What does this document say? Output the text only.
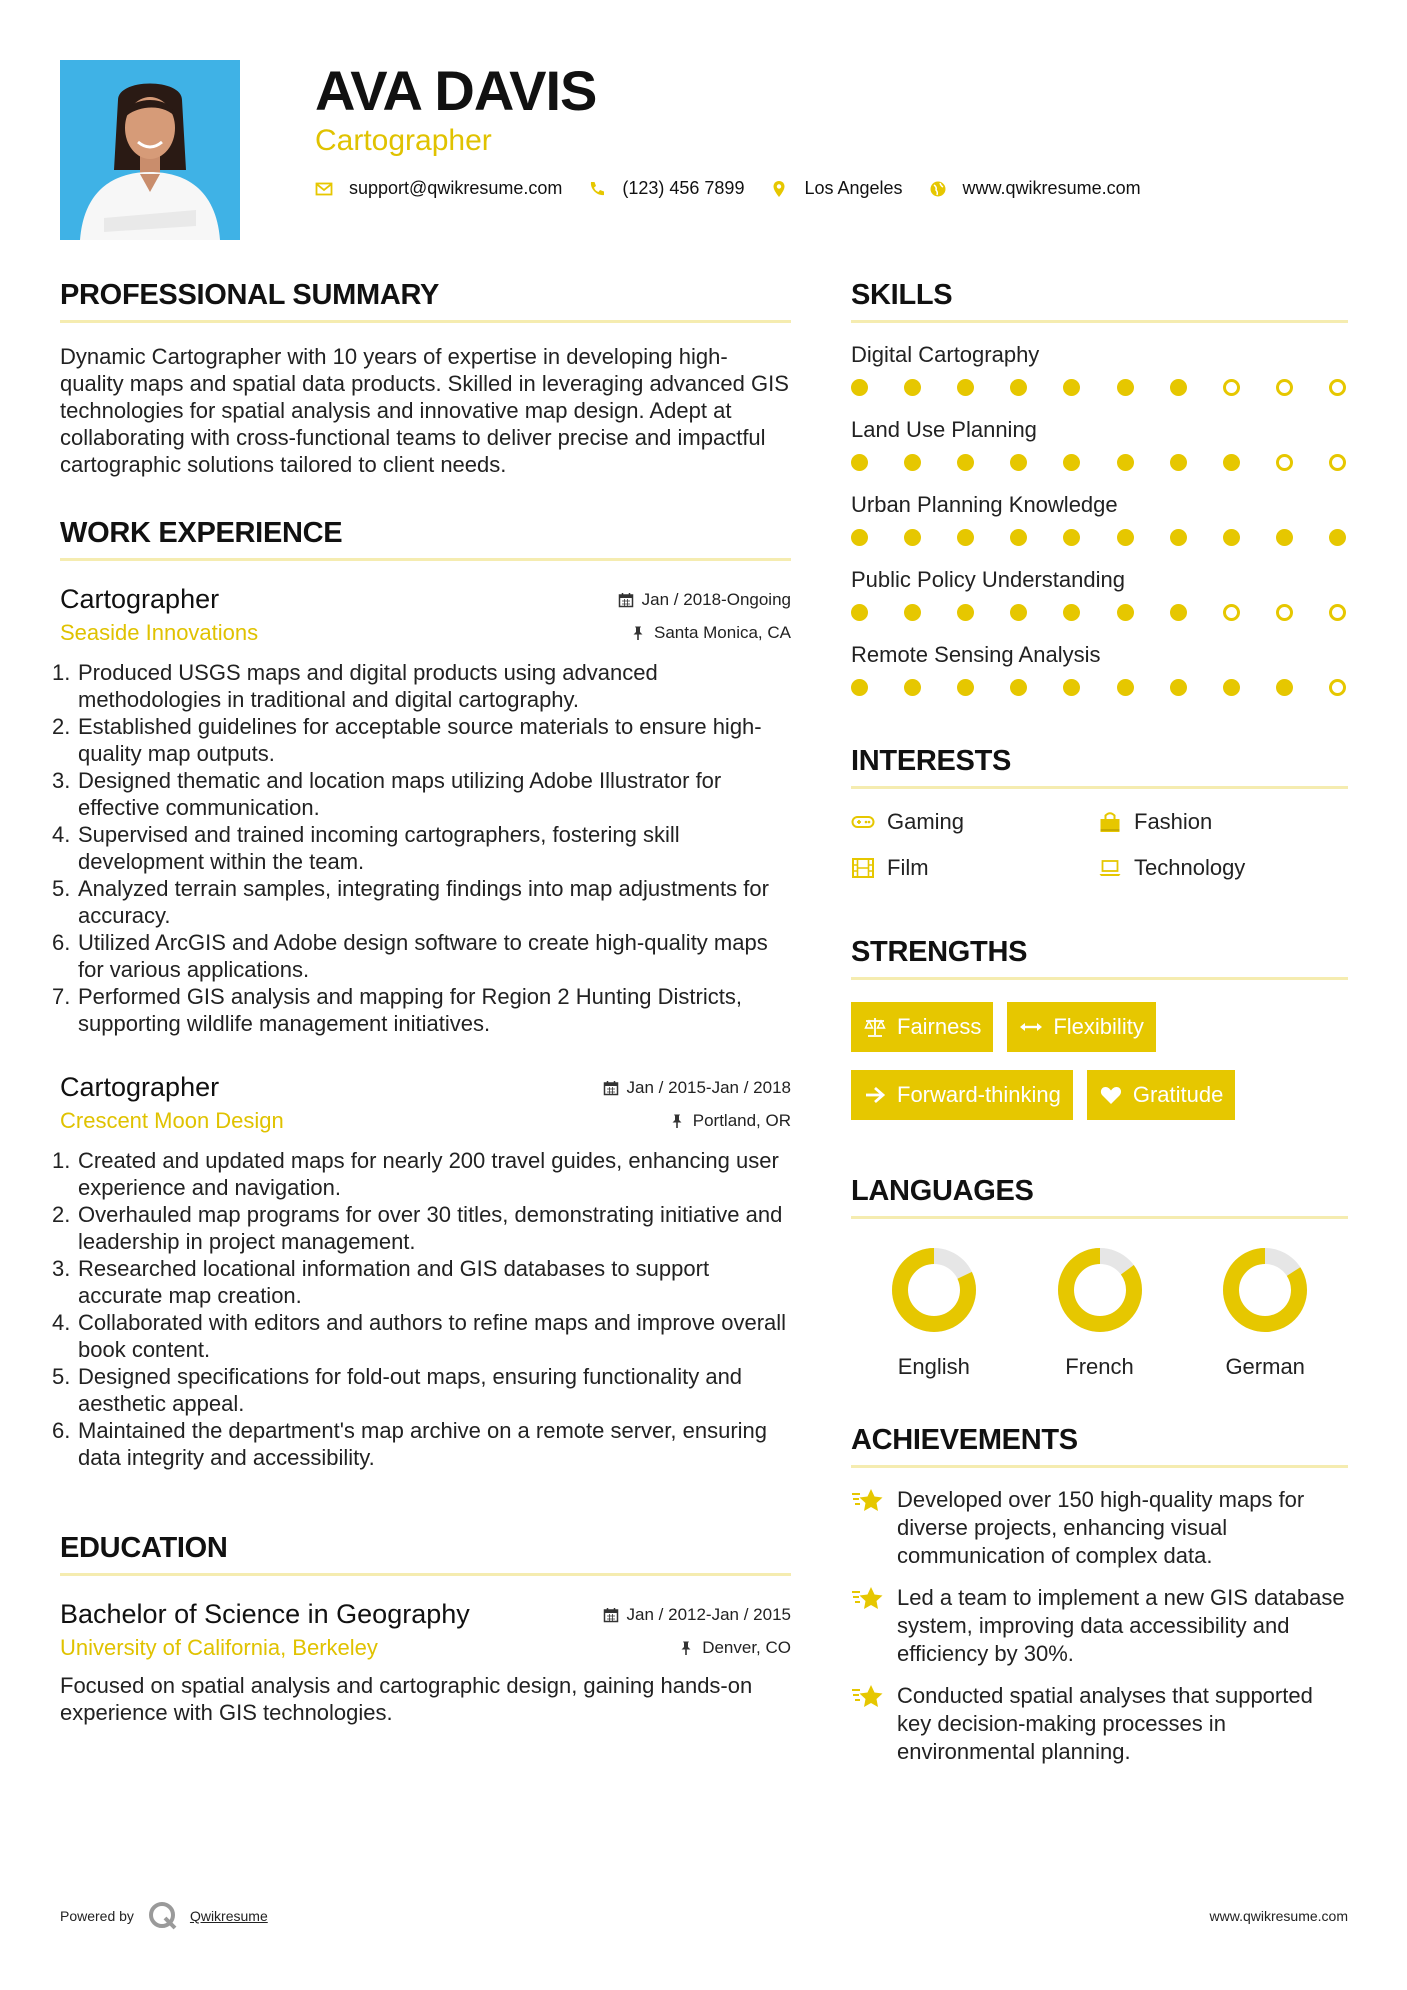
AVA DAVIS
Cartographer
support@qwikresume.com	(123) 456 7899	Los Angeles	www.qwikresume.com
PROFESSIONAL SUMMARY
Dynamic Cartographer with 10 years of expertise in developing high-quality maps and spatial data products. Skilled in leveraging advanced GIS technologies for spatial analysis and innovative map design. Adept at collaborating with cross-functional teams to deliver precise and impactful cartographic solutions tailored to client needs.
WORK EXPERIENCE
Cartographer	Jan / 2018-Ongoing
Seaside Innovations	Santa Monica, CA
1. Produced USGS maps and digital products using advanced methodologies in traditional and digital cartography.
2. Established guidelines for acceptable source materials to ensure high-quality map outputs.
3. Designed thematic and location maps utilizing Adobe Illustrator for effective communication.
4. Supervised and trained incoming cartographers, fostering skill development within the team.
5. Analyzed terrain samples, integrating findings into map adjustments for accuracy.
6. Utilized ArcGIS and Adobe design software to create high-quality maps for various applications.
7. Performed GIS analysis and mapping for Region 2 Hunting Districts, supporting wildlife management initiatives.
Cartographer	Jan / 2015-Jan / 2018
Crescent Moon Design	Portland, OR
1. Created and updated maps for nearly 200 travel guides, enhancing user experience and navigation.
2. Overhauled map programs for over 30 titles, demonstrating initiative and leadership in project management.
3. Researched locational information and GIS databases to support accurate map creation.
4. Collaborated with editors and authors to refine maps and improve overall book content.
5. Designed specifications for fold-out maps, ensuring functionality and aesthetic appeal.
6. Maintained the department's map archive on a remote server, ensuring data integrity and accessibility.
EDUCATION
Bachelor of Science in Geography	Jan / 2012-Jan / 2015
University of California, Berkeley	Denver, CO
Focused on spatial analysis and cartographic design, gaining hands-on experience with GIS technologies.
SKILLS
Digital Cartography
Land Use Planning
Urban Planning Knowledge
Public Policy Understanding
Remote Sensing Analysis
INTERESTS
Gaming	Fashion
Film	Technology
STRENGTHS
Fairness	Flexibility
Forward-thinking	Gratitude
LANGUAGES
English	French	German
ACHIEVEMENTS
Developed over 150 high-quality maps for diverse projects, enhancing visual communication of complex data.
Led a team to implement a new GIS database system, improving data accessibility and efficiency by 30%.
Conducted spatial analyses that supported key decision-making processes in environmental planning.
Powered by	Qwikresume	www.qwikresume.com
